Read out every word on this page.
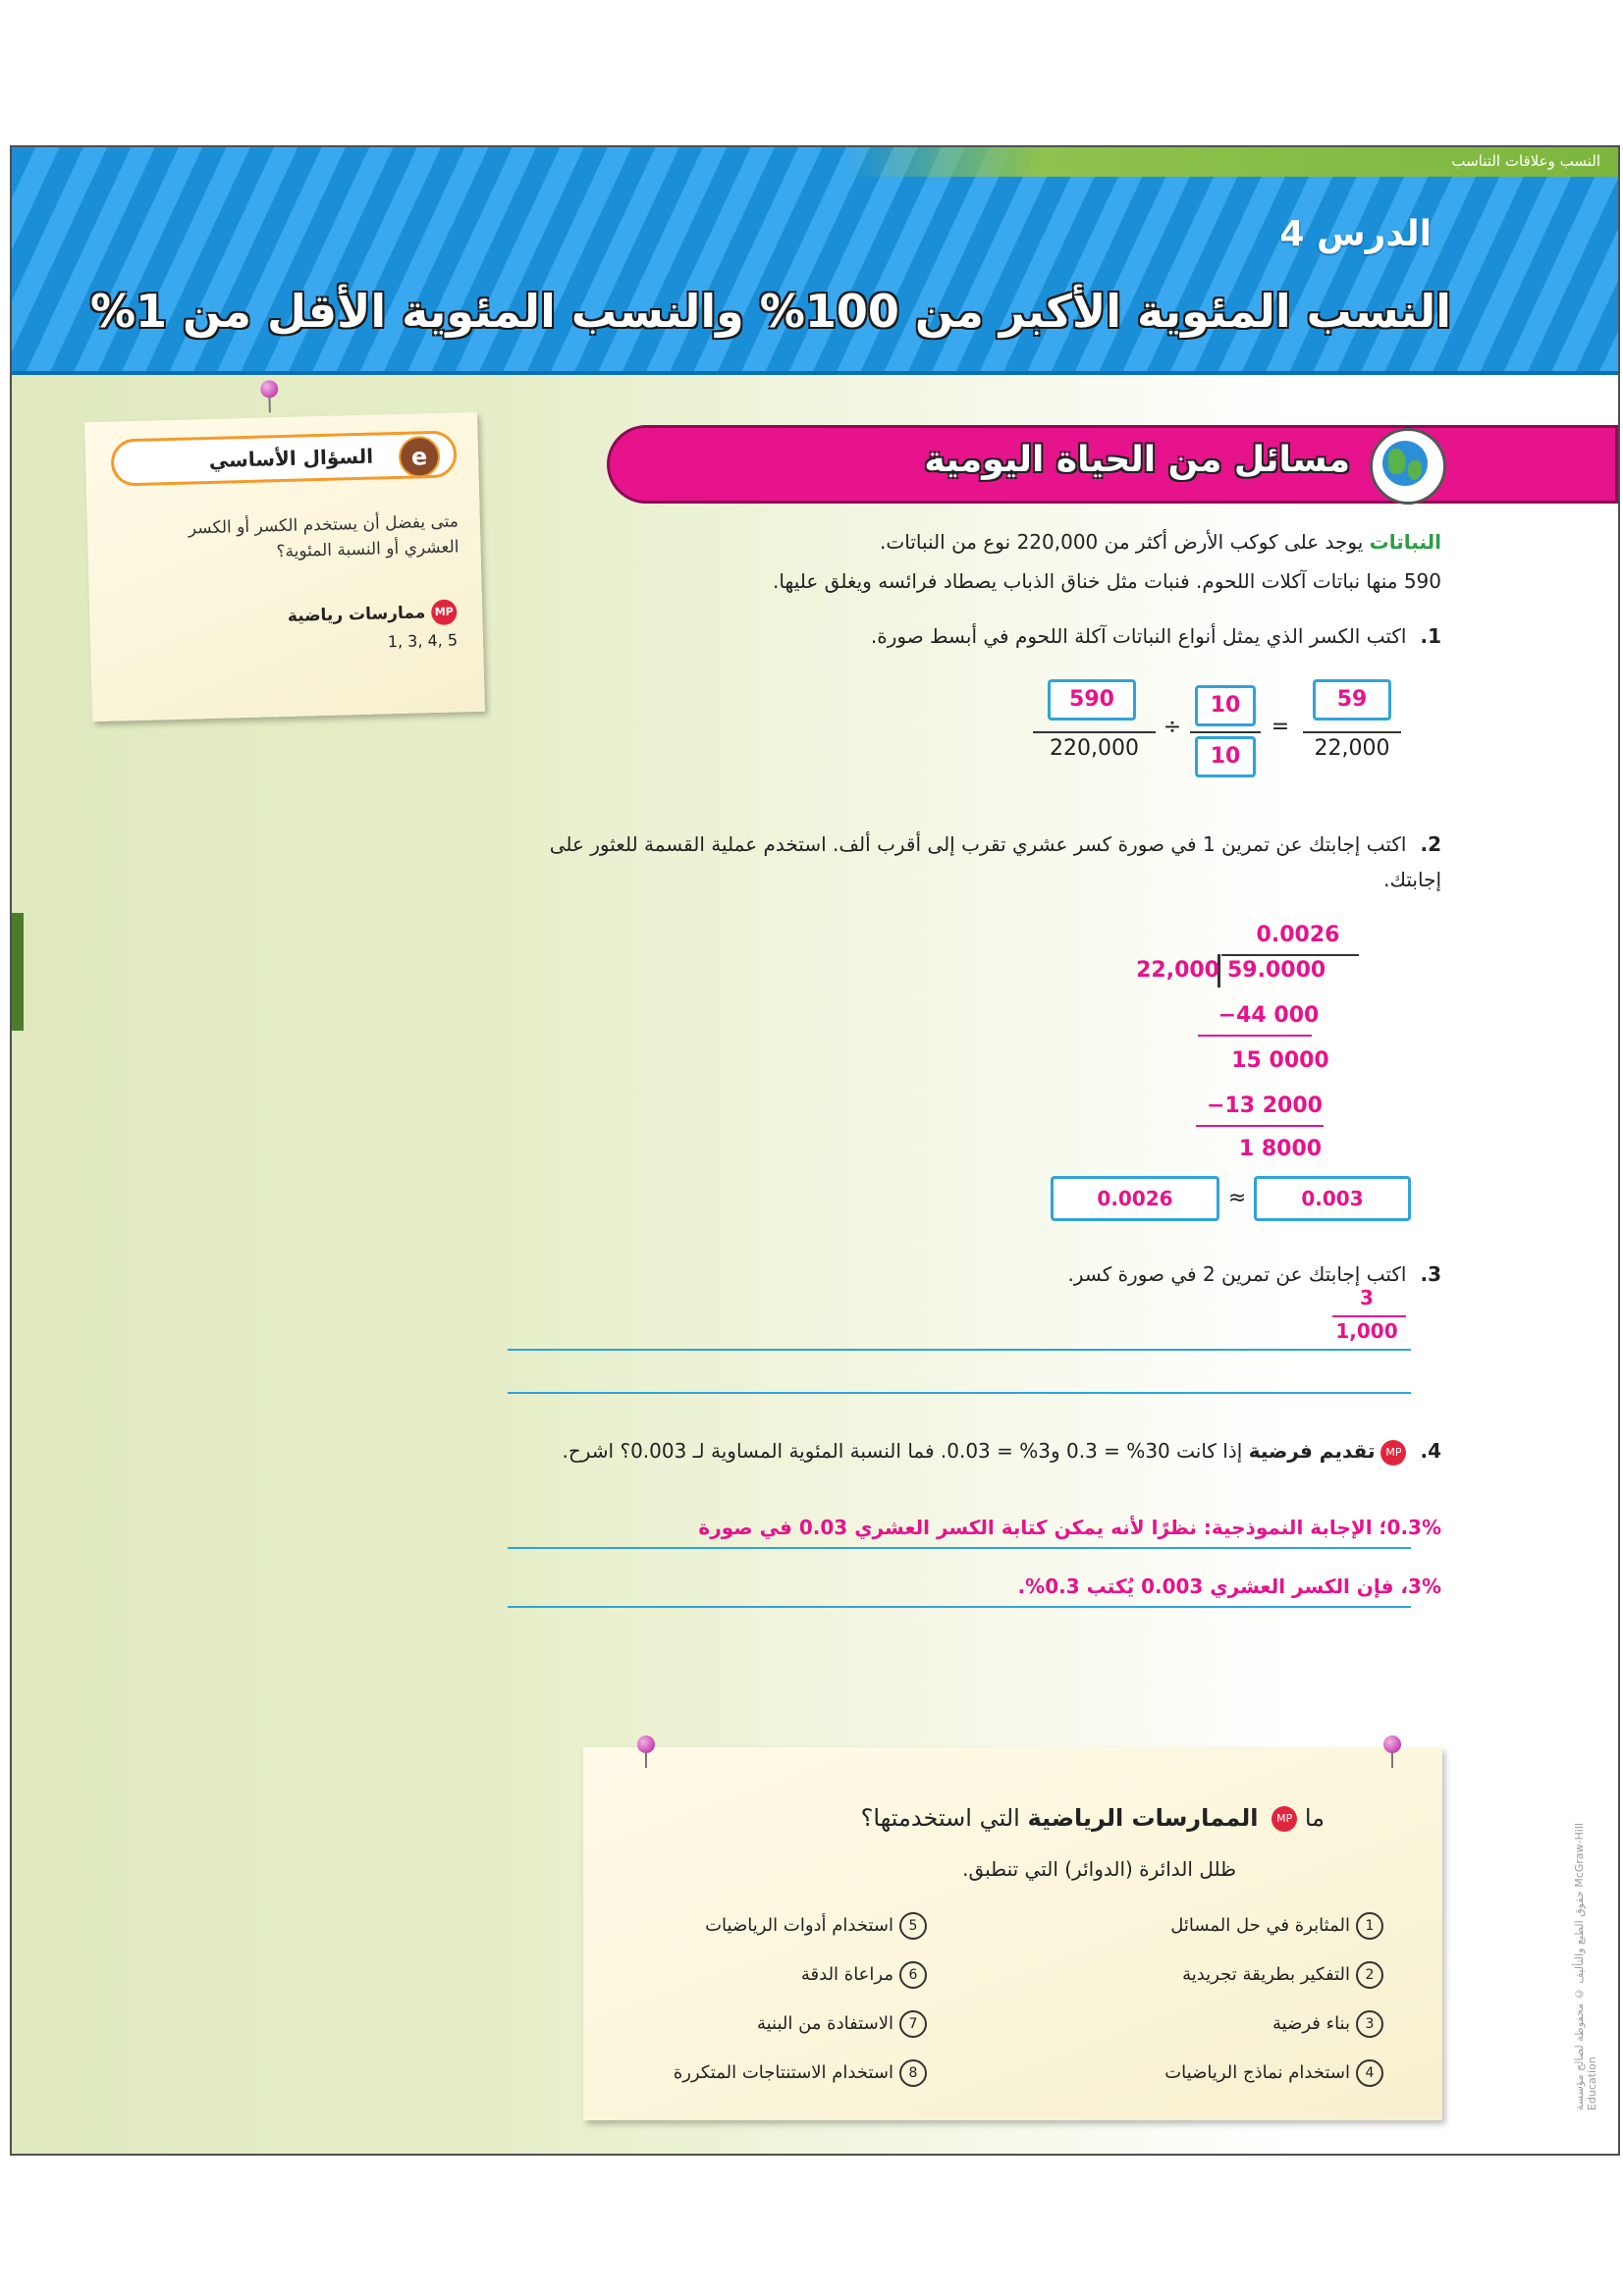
النسب وعلاقات التناسب
الدرس 4
النسب المئوية الأكبر من 100% والنسب المئوية الأقل من 1%
e
السؤال الأساسي
متى يفضل أن يستخدم الكسر أو الكسر العشري أو النسبة المئوية؟
MPممارسات رياضية
1, 3, 4, 5
مسائل من الحياة اليومية
النباتات يوجد على كوكب الأرض أكثر من 220,000 نوع من النباتات.
590 منها نباتات آكلات اللحوم. فنبات مثل خناق الذباب يصطاد فرائسه ويغلق عليها.
1.اكتب الكسر الذي يمثل أنواع النباتات آكلة اللحوم في أبسط صورة.
590
220,000
÷
10
10
=
59
22,000
2.اكتب إجابتك عن تمرين 1 في صورة كسر عشري تقرب إلى أقرب ألف. استخدم عملية القسمة للعثور على إجابتك.
0.0026
22,000 59.0000
−44 000
15 0000
−13 2000
1 8000
0.0026	≈	0.003
3.اكتب إجابتك عن تمرين 2 في صورة كسر.
3
1,000
4.MPتقديم فرضية إذا كانت 30% = 0.3 و3% = 0.03. فما النسبة المئوية المساوية لـ 0.003؟ اشرح.
0.3%؛ الإجابة النموذجية: نظرًا لأنه يمكن كتابة الكسر العشري 0.03 في صورة
3%، فإن الكسر العشري 0.003 يُكتب 0.3%.
ما MP الممارسات الرياضية التي استخدمتها؟
ظلل الدائرة (الدوائر) التي تنطبق.
1المثابرة في حل المسائل
2التفكير بطريقة تجريدية
3بناء فرضية
4استخدام نماذج الرياضيات
5استخدام أدوات الرياضيات
6مراعاة الدقة
7الاستفادة من البنية
8استخدام الاستنتاجات المتكررة	حقوق الطبع والتأليف © محفوظة لصالح مؤسسة McGraw-Hill Education
